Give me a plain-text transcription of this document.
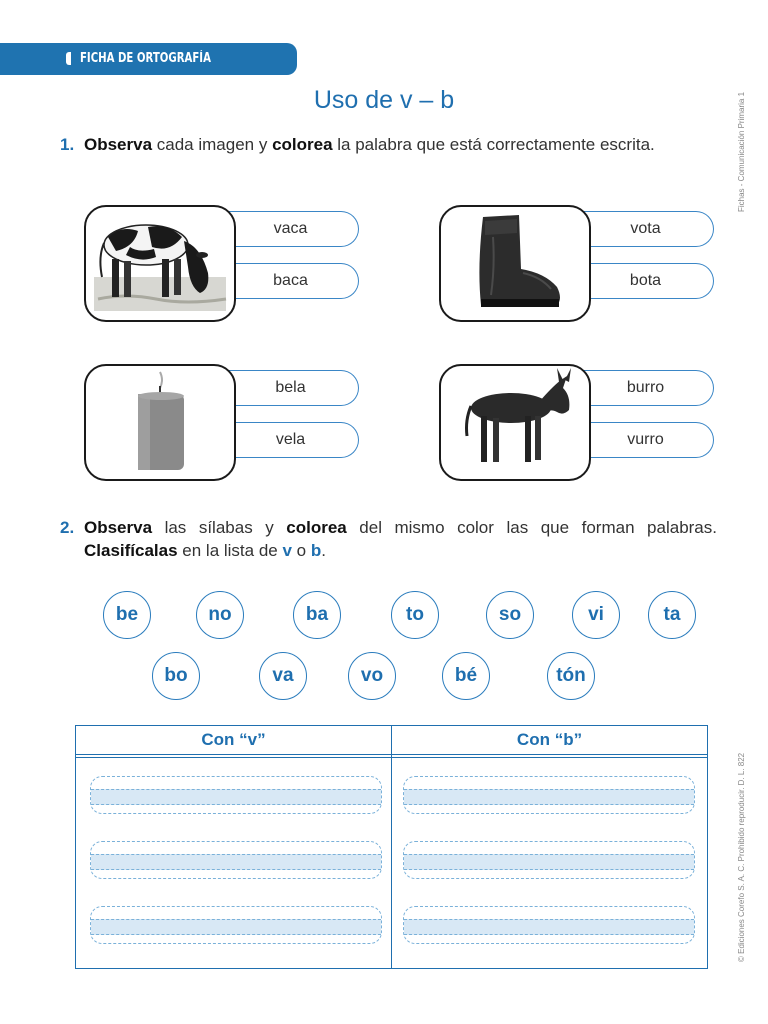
FICHA DE ORTOGRAFÍA
Uso de v – b	Fichas - Comunicación Primaria 1
© Ediciones Corefo S. A. C. Prohibido reproducir. D. L. 822
1. Observa cada imagen y colorea la palabra que está correctamente escrita.
vaca
baca
vota
bota
bela
vela
burro
vurro
2. Observa las sílabas y colorea del mismo color las que forman palabras. Clasifícalas en la lista de v o b.
be	no	ba	to	so	vi	ta
bo	va	vo	bé	tón
Con “v”	Con “b”
